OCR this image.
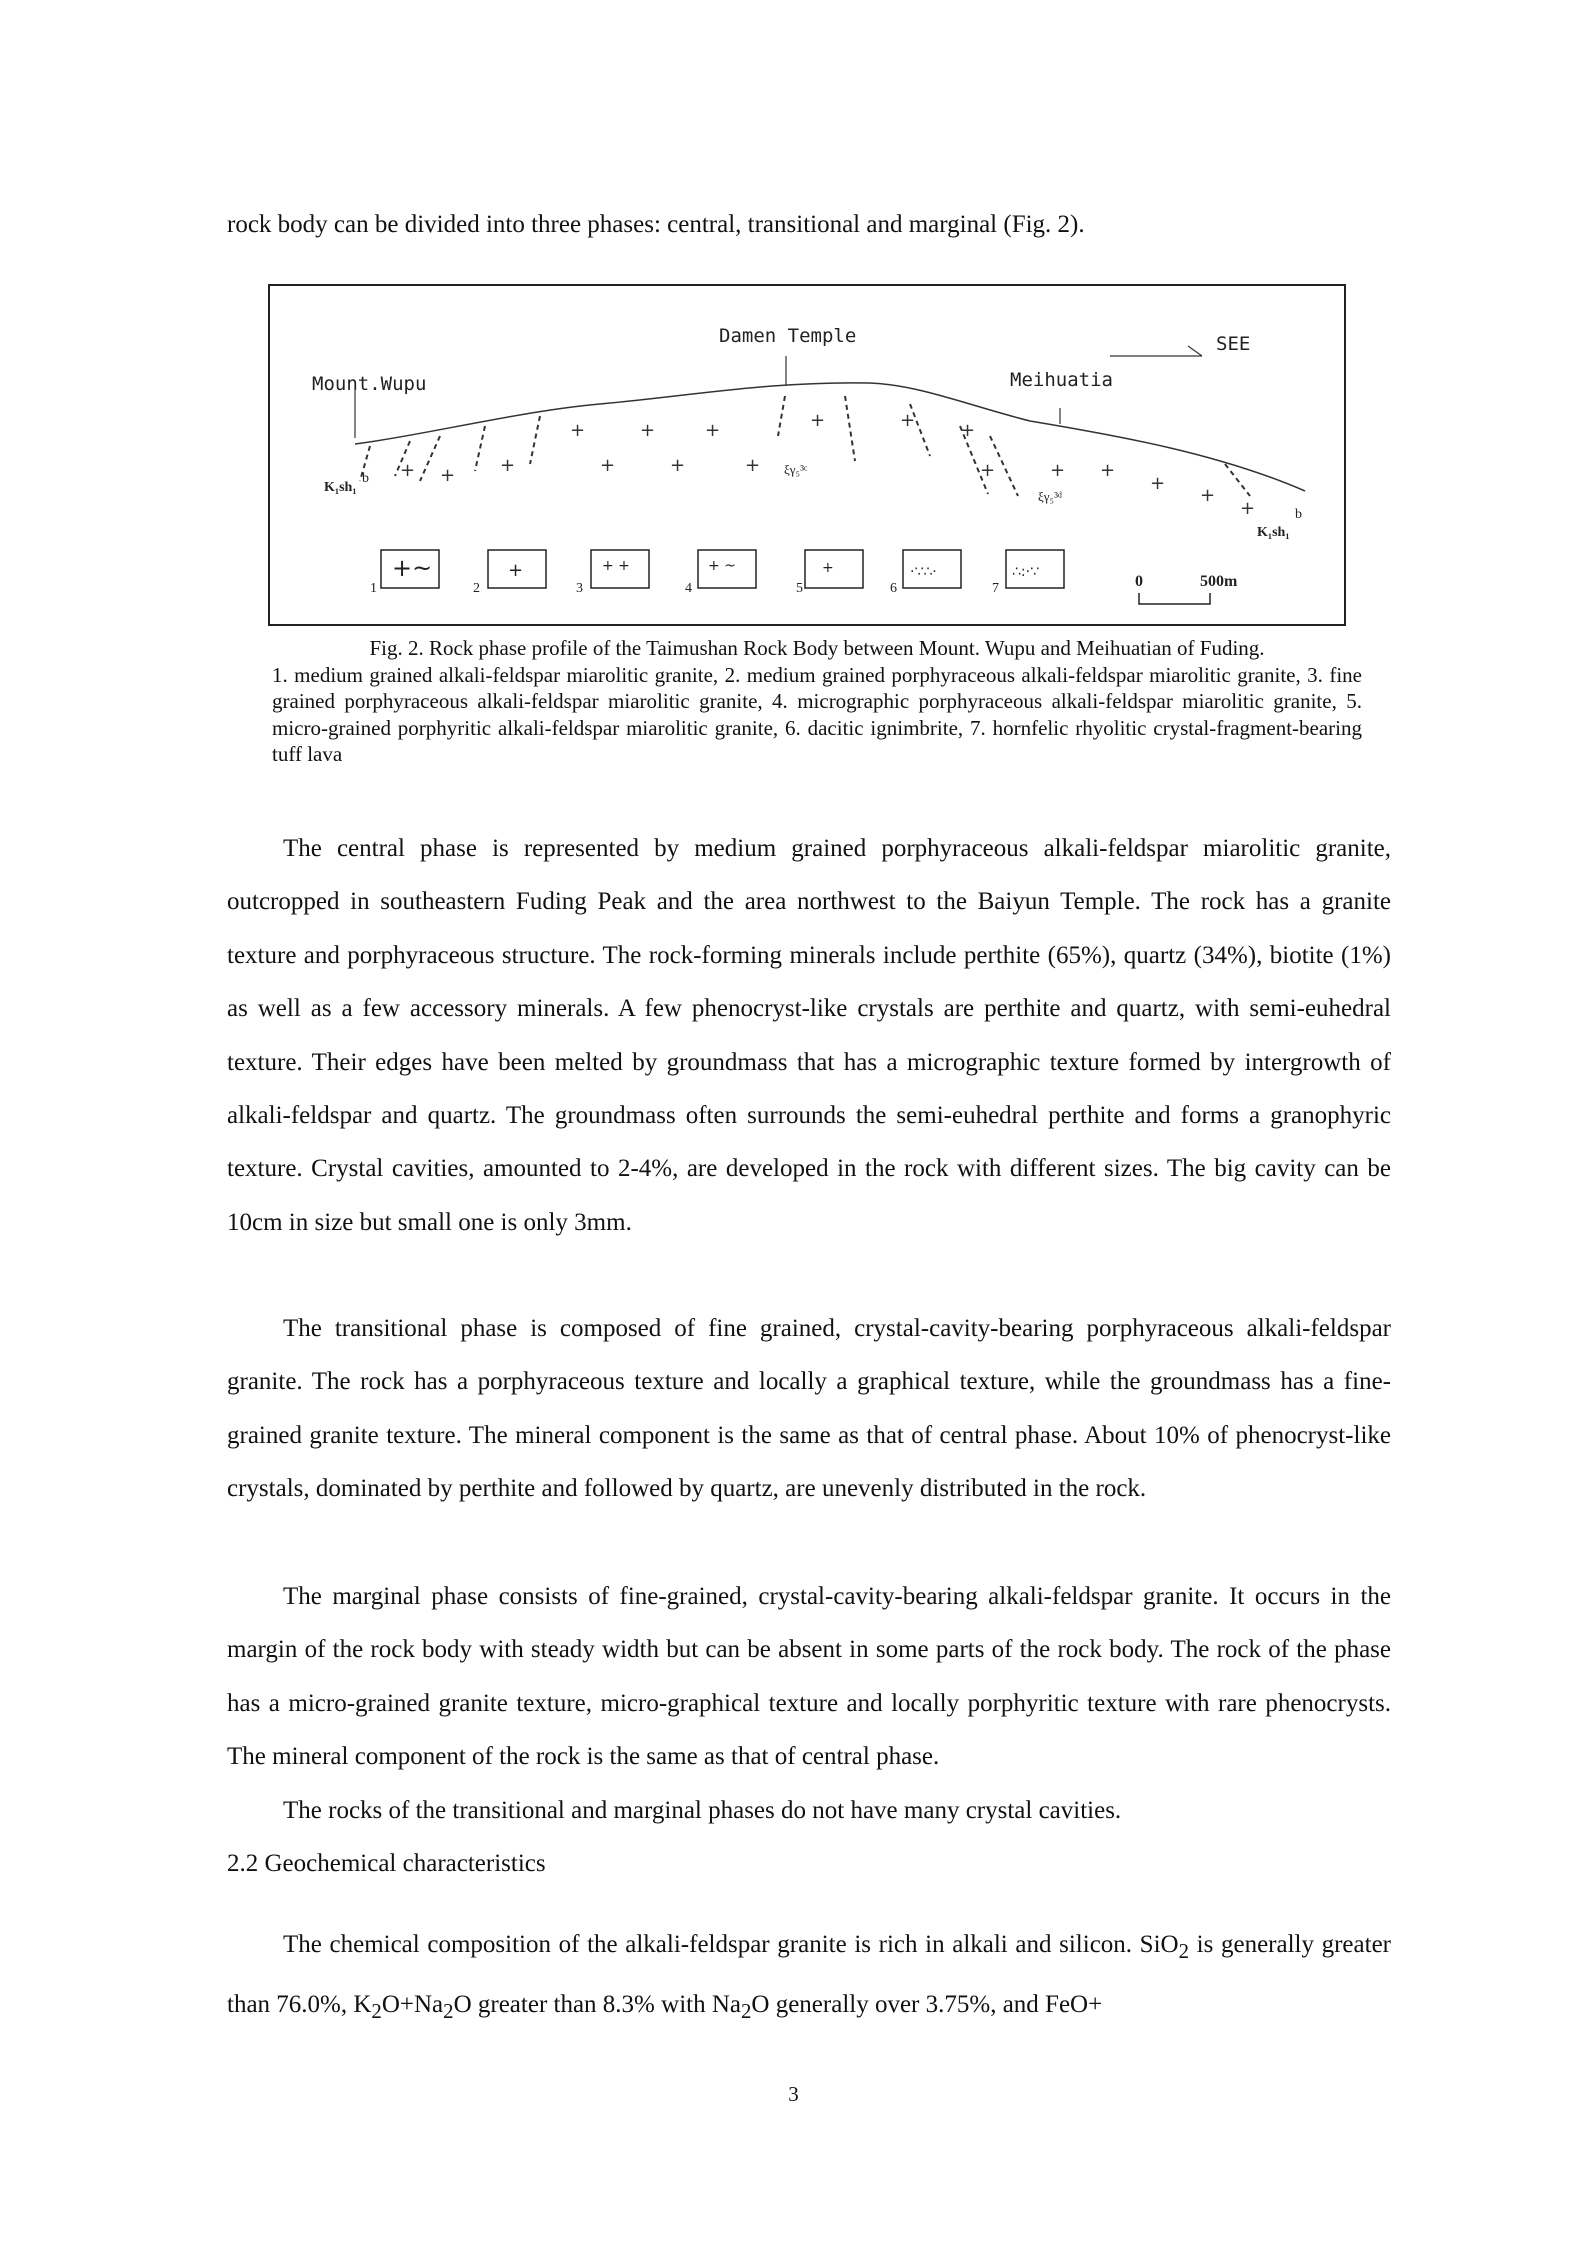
rock body can be divided into three phases: central, transitional and marginal (Fig. 2).

+	+	+	+	+ +
+	+	+	+	+ +
+
+
+
+	+
+
Damen Temple	SEE
Mount.Wupu	Meihuatia
K₁sh₁
K₁sh₁
b
b
ξγ₅³ᶜ
ξγ₅³ᵈ
1
+~
2
+
3
+ +
4
+ ~
5
+
6
·∵∴·
7
∴:·∵
0	500m
Fig. 2. Rock phase profile of the Taimushan Rock Body between Mount. Wupu and Meihuatian of Fuding.
1. medium grained alkali-feldspar miarolitic granite, 2. medium grained porphyraceous alkali-feldspar miarolitic granite, 3. fine grained porphyraceous alkali-feldspar miarolitic granite, 4. micrographic porphyraceous alkali-feldspar miarolitic granite, 5. micro-grained porphyritic alkali-feldspar miarolitic granite, 6. dacitic ignimbrite, 7. hornfelic rhyolitic crystal-fragment-bearing tuff lava

The central phase is represented by medium grained porphyraceous alkali-feldspar miarolitic granite, outcropped in southeastern Fuding Peak and the area northwest to the Baiyun Temple. The rock has a granite texture and porphyraceous structure. The rock-forming minerals include perthite (65%), quartz (34%), biotite (1%) as well as a few accessory minerals. A few phenocryst-like crystals are perthite and quartz, with semi-euhedral texture. Their edges have been melted by groundmass that has a micrographic texture formed by intergrowth of alkali-feldspar and quartz. The groundmass often surrounds the semi-euhedral perthite and forms a granophyric texture. Crystal cavities, amounted to 2-4%, are developed in the rock with different sizes. The big cavity can be 10cm in size but small one is only 3mm.

The transitional phase is composed of fine grained, crystal-cavity-bearing porphyraceous alkali-feldspar granite. The rock has a porphyraceous texture and locally a graphical texture, while the groundmass has a fine-grained granite texture. The mineral component is the same as that of central phase. About 10% of phenocryst-like crystals, dominated by perthite and followed by quartz, are unevenly distributed in the rock.

The marginal phase consists of fine-grained, crystal-cavity-bearing alkali-feldspar granite. It occurs in the margin of the rock body with steady width but can be absent in some parts of the rock body. The rock of the phase has a micro-grained granite texture, micro-graphical texture and locally porphyritic texture with rare phenocrysts. The mineral component of the rock is the same as that of central phase.

The rocks of the transitional and marginal phases do not have many crystal cavities.

2.2 Geochemical characteristics

The chemical composition of the alkali-feldspar granite is rich in alkali and silicon. SiO$_2$ is generally greater than 76.0%, $K_2O+Na_2O$ greater than 8.3% with $Na_2O$ generally over 3.75%, and FeO+

3
